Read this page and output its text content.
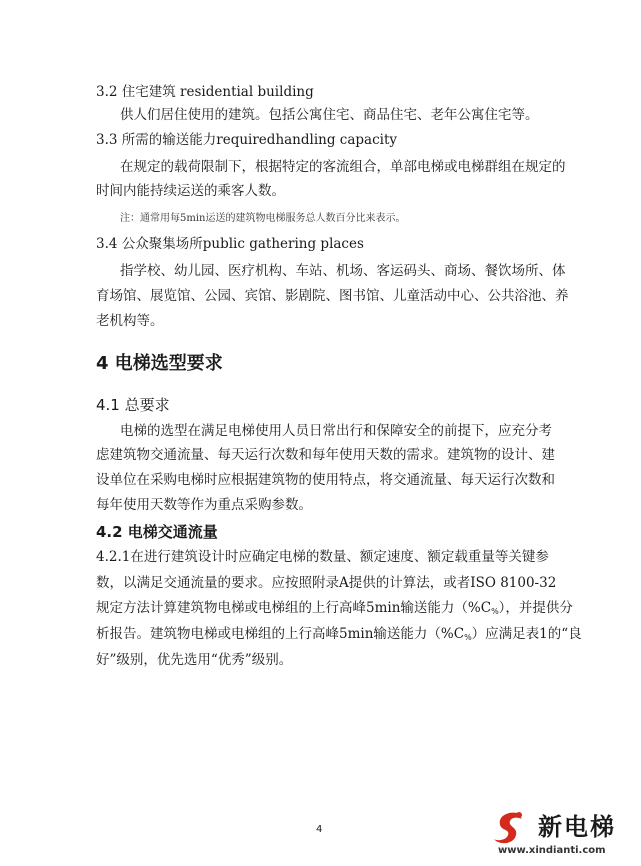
3.2 住宅建筑 residential building
供人们居住使用的建筑。包括公寓住宅、商品住宅、老年公寓住宅等。
3.3 所需的输送能力requiredhandling capacity
在规定的载荷限制下，根据特定的客流组合，单部电梯或电梯群组在规定的
时间内能持续运送的乘客人数。
注：通常用每5min运送的建筑物电梯服务总人数百分比来表示。
3.4 公众聚集场所public gathering places
指学校、幼儿园、医疗机构、车站、机场、客运码头、商场、餐饮场所、体
育场馆、展览馆、公园、宾馆、影剧院、图书馆、儿童活动中心、公共浴池、养
老机构等。
4 电梯选型要求
4.1 总要求
电梯的选型在满足电梯使用人员日常出行和保障安全的前提下，应充分考
虑建筑物交通流量、每天运行次数和每年使用天数的需求。建筑物的设计、建
设单位在采购电梯时应根据建筑物的使用特点，将交通流量、每天运行次数和
每年使用天数等作为重点采购参数。
4.2 电梯交通流量
4.2.1在进行建筑设计时应确定电梯的数量、额定速度、额定载重量等关键参
数，以满足交通流量的要求。应按照附录A提供的计算法，或者ISO 8100-32
规定方法计算建筑物电梯或电梯组的上行高峰5min输送能力$(\%C_{\%})$，并提供分
析报告。建筑物电梯或电梯组的上行高峰5min输送能力$(\%C_{\%})$应满足表1的“良
好”级别，优先选用“优秀”级别。
4	新电梯
www.xindianti.com
